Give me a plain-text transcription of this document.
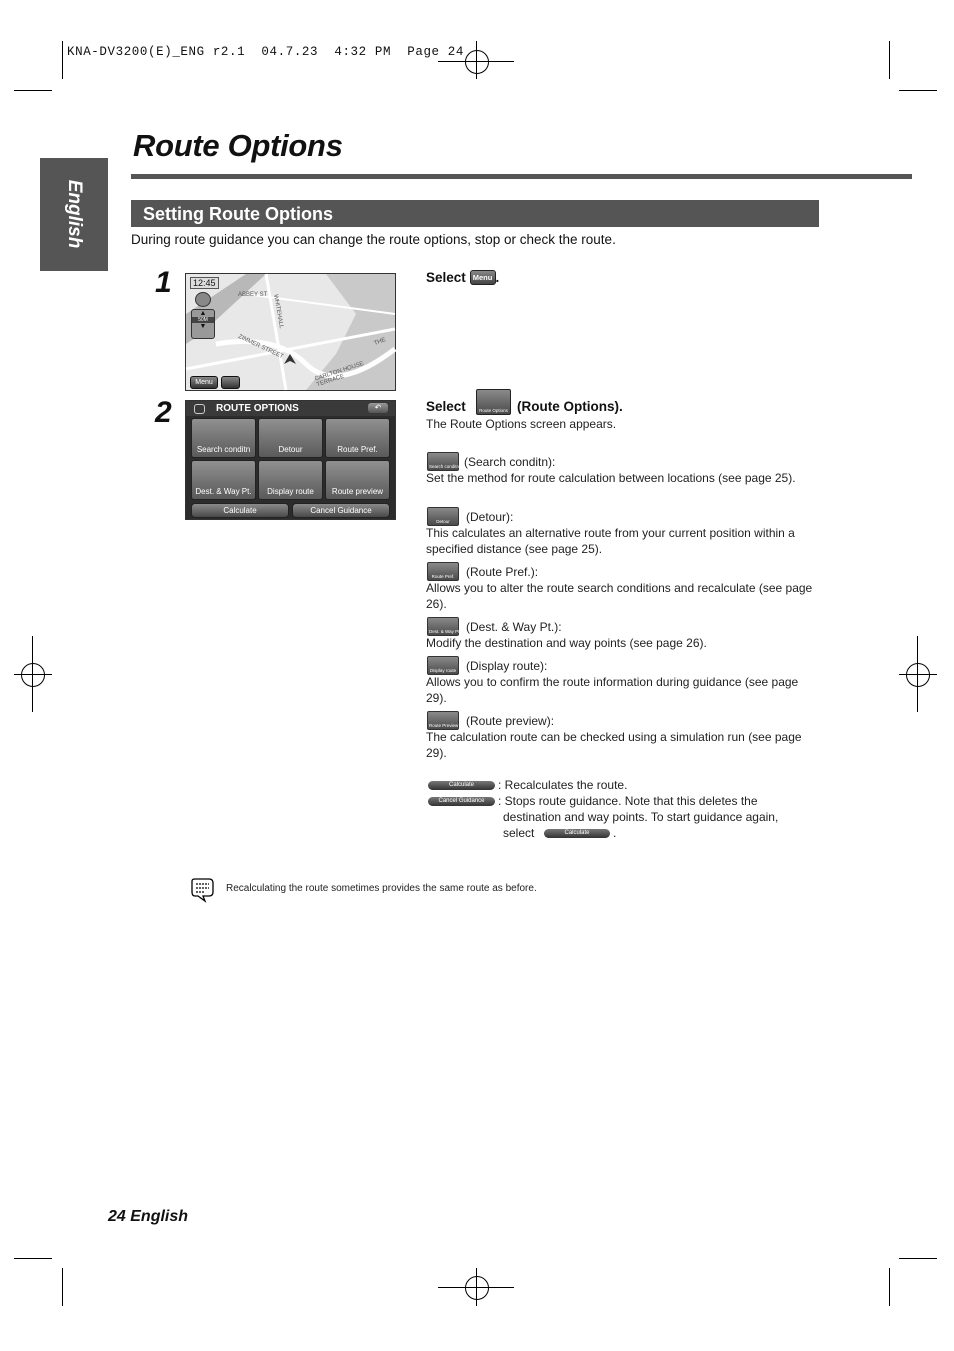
KNA-DV3200(E)_ENG r2.1  04.7.23  4:32 PM  Page 24
Route Options
English	Setting Route Options
During route guidance you can change the route options, stop or check the route.
1
2
12:45
▲
50M
▼	WHITEHALL
ABBEY ST
ZIMMER STREET
CARLTON HOUSE TERRACE
THE
Menu
Select Menu .
ROUTE OPTIONS	↶
Search conditn	Detour	Route Pref.
Dest. & Way Pt.	Display route	Route preview
Calculate	Cancel Guidance
Select	Route Options (Route Options).
The Route Options screen appears.
Search conditn (Search conditn):
Set the method for route calculation between locations (see page 25).
Detour	(Detour):
This calculates an alternative route from your current position within a specified distance (see page 25).
Route Pref. (Route Pref.):
Allows you to alter the route search conditions and recalculate (see page 26).
Dest. & Way Pt. (Dest. & Way Pt.):
Modify the destination and way points (see page 26).
Display route (Display route):
Allows you to confirm the route information during guidance (see page 29).
Route Preview (Route preview):
The calculation route can be checked using a simulation run (see page 29).
Calculate	: Recalculates the route.
Cancel Guidance	: Stops route guidance. Note that this deletes the
destination and way points. To start guidance again,
select	Calculate	.
Recalculating the route sometimes provides the same route as before.
24 English
